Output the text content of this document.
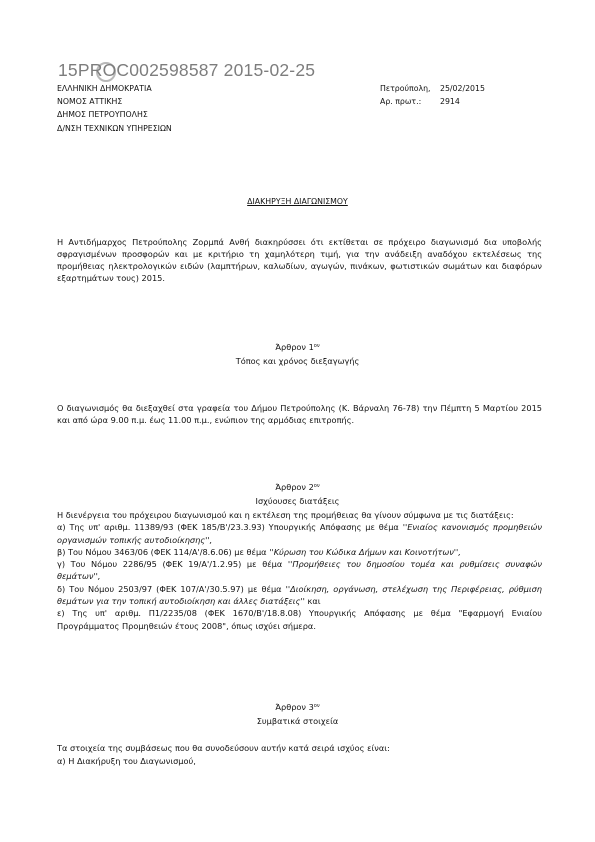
15PROC002598587 2015-02-25
ΕΛΛΗΝΙΚΗ ΔΗΜΟΚΡΑΤΙΑ
ΝΟΜΟΣ ΑΤΤΙΚΗΣ
ΔΗΜΟΣ ΠΕΤΡΟΥΠΟΛΗΣ
Δ/ΝΣΗ ΤΕΧΝΙΚΩΝ ΥΠΗΡΕΣΙΩΝ
Πετρούπολη,	25/02/2015
Αρ. πρωτ.:	2914
ΔΙΑΚΗΡΥΞΗ ΔΙΑΓΩΝΙΣΜΟΥ
Η Αντιδήμαρχος Πετρούπολης Ζορμπά Ανθή διακηρύσσει ότι εκτίθεται σε πρόχειρο διαγωνισμό δια υποβολής σφραγισμένων προσφορών και με κριτήριο τη χαμηλότερη τιμή, για την ανάδειξη αναδόχου εκτελέσεως της προμήθειας ηλεκτρολογικών ειδών (λαμπτήρων, καλωδίων, αγωγών, πινάκων, φωτιστικών σωμάτων και διαφόρων εξαρτημάτων τους) 2015.
Άρθρον $1^{o\nu}$
Τόπος και χρόνος διεξαγωγής
Ο διαγωνισμός θα διεξαχθεί στα γραφεία του Δήμου Πετρούπολης (Κ. Βάρναλη 76-78) την Πέμπτη 5 Μαρτίου 2015 και από ώρα 9.00 π.μ. έως 11.00 π.μ., ενώπιον της αρμόδιας επιτροπής.
Άρθρον $2^{o\nu}$
Ισχύουσες διατάξεις
Η διενέργεια του πρόχειρου διαγωνισμού και η εκτέλεση της προμήθειας θα γίνουν σύμφωνα με τις διατάξεις:
α) Της υπ' αριθμ. 11389/93 (ΦΕΚ 185/Β'/23.3.93) Υπουργικής Απόφασης με θέμα ''Ενιαίος κανονισμός προμηθειών οργανισμών τοπικής αυτοδιοίκησης'',
β) Του Νόμου 3463/06 (ΦΕΚ 114/Α'/8.6.06) με θέμα ''Κύρωση του Κώδικα Δήμων και Κοινοτήτων'',
γ) Του Νόμου 2286/95 (ΦΕΚ 19/Α'/1.2.95) με θέμα ''Προμήθειες του δημοσίου τομέα και ρυθμίσεις συναφών θεμάτων'',
δ) Του Νόμου 2503/97 (ΦΕΚ 107/Α'/30.5.97) με θέμα ''Διοίκηση, οργάνωση, στελέχωση της Περιφέρειας, ρύθμιση θεμάτων για την τοπική αυτοδιοίκηση και άλλες διατάξεις'' και
ε) Της υπ' αριθμ. Π1/2235/08 (ΦΕΚ 1670/Β'/18.8.08) Υπουργικής Απόφασης με θέμα "Εφαρμογή Ενιαίου Προγράμματος Προμηθειών έτους 2008", όπως ισχύει σήμερα.
Άρθρον $3^{o\nu}$
Συμβατικά στοιχεία
Τα στοιχεία της συμβάσεως που θα συνοδεύσουν αυτήν κατά σειρά ισχύος είναι:
α) Η Διακήρυξη του Διαγωνισμού,
